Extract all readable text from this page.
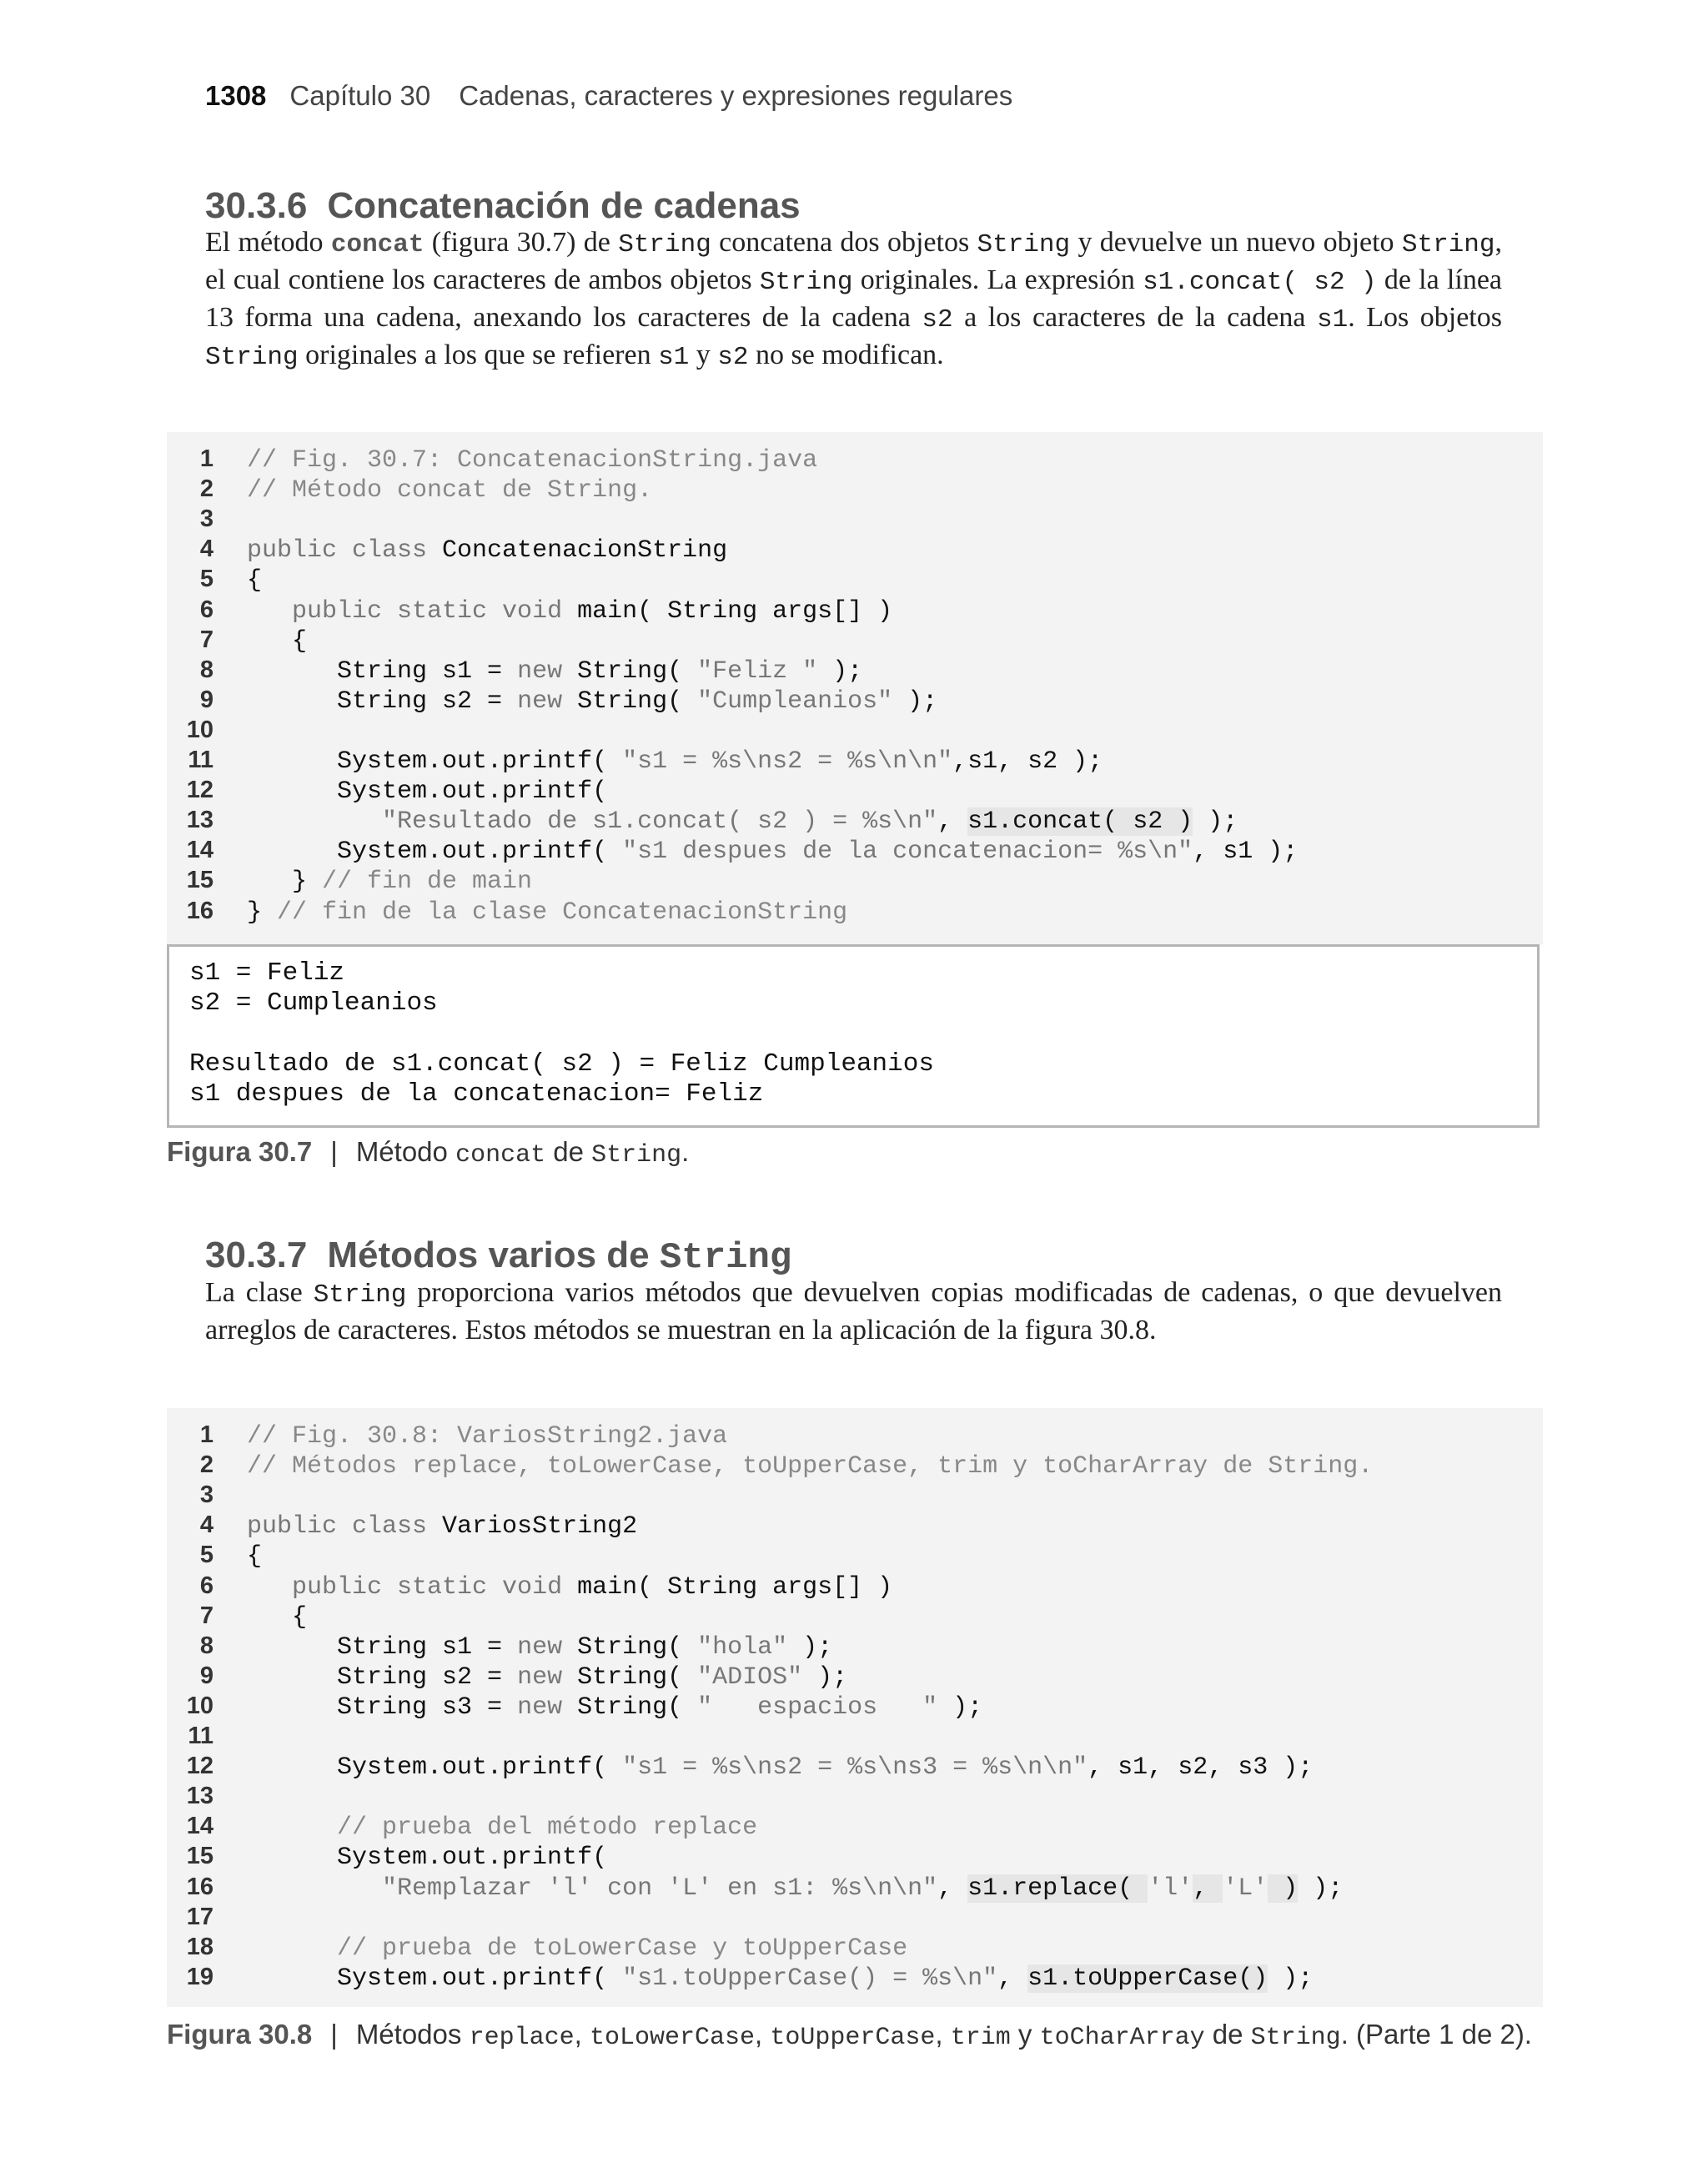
1308 Capítulo 30 Cadenas, caracteres y expresiones regulares
30.3.6 Concatenación de cadenas
El método concat (figura 30.7) de String concatena dos objetos String y devuelve un nuevo objeto String, el cual contiene los caracteres de ambos objetos String originales. La expresión s1.concat( s2 ) de la línea 13 forma una cadena, anexando los caracteres de la cadena s2 a los caracteres de la cadena s1. Los objetos String originales a los que se refieren s1 y s2 no se modifican.
1 // Fig. 30.7: ConcatenacionString.java
2 // Método concat de String.
3
4 public class ConcatenacionString
5 {
6	public static void main( String args[] )
7   {
8      String s1 = new String( "Feliz " );
9      String s2 = new String( "Cumpleanios" );
10
11      System.out.printf( "s1 = %s\ns2 = %s\n\n",s1, s2 );
12      System.out.printf(
13	"Resultado de s1.concat( s2 ) = %s\n", s1.concat( s2 ) );
14      System.out.printf( "s1 despues de la concatenacion= %s\n", s1 );
15   } // fin de main
16 } // fin de la clase ConcatenacionString
s1 = Feliz
s2 = Cumpleanios
Resultado de s1.concat( s2 ) = Feliz Cumpleanios
s1 despues de la concatenacion= Feliz
Figura 30.7 | Método concat de String.
30.3.7 Métodos varios de String
La clase String proporciona varios métodos que devuelven copias modificadas de cadenas, o que devuelven arreglos de caracteres. Estos métodos se muestran en la aplicación de la figura 30.8.
1 // Fig. 30.8: VariosString2.java
2 // Métodos replace, toLowerCase, toUpperCase, trim y toCharArray de String.
3
4 public class VariosString2
5 {
6	public static void main( String args[] )
7   {
8      String s1 = new String( "hola" );
9      String s2 = new String( "ADIOS" );
10      String s3 = new String( "   espacios   " );
11
12      System.out.printf( "s1 = %s\ns2 = %s\ns3 = %s\n\n", s1, s2, s3 );
13
14	// prueba del método replace
15      System.out.printf(
16	"Remplazar 'l' con 'L' en s1: %s\n\n", s1.replace( 'l', 'L' ) );
17
18	// prueba de toLowerCase y toUpperCase
19      System.out.printf( "s1.toUpperCase() = %s\n", s1.toUpperCase() );
Figura 30.8 | Métodos replace, toLowerCase, toUpperCase, trim y toCharArray de String. (Parte 1 de 2).
